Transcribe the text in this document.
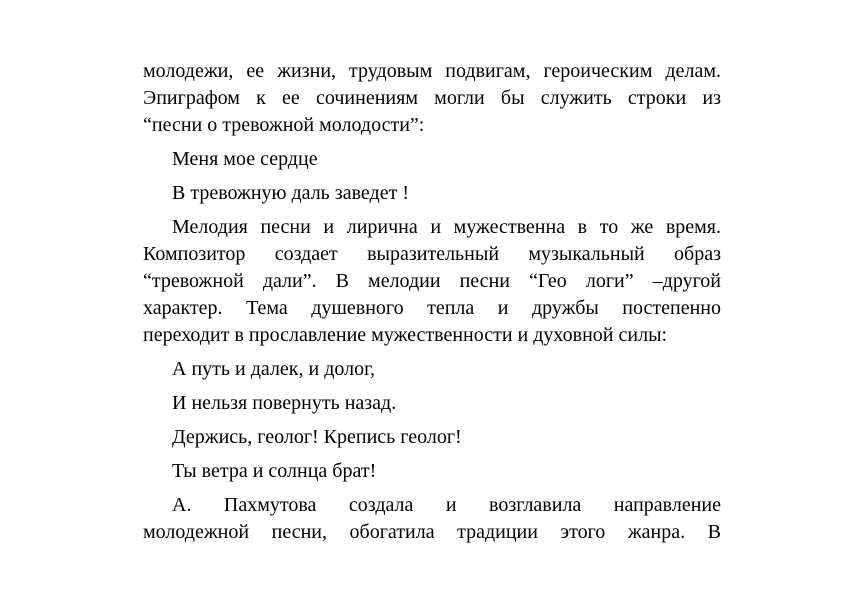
молодежи, ее жизни, трудовым подвигам, героическим делам.
Эпиграфом к ее сочинениям могли бы служить строки из
“песни о тревожной молодости”:
Меня мое сердце
В тревожную даль заведет !
Мелодия песни и лирична и мужественна в то же время.
Композитор создает выразительный музыкальный образ
“тревожной дали”. В мелодии песни “Гео логи” –другой
характер. Тема душевного тепла и дружбы постепенно
переходит в прославление мужественности и духовной силы:
А путь и далек, и долог,
И нельзя повернуть назад.
Держись, геолог! Крепись геолог!
Ты ветра и солнца брат!
А. Пахмутова создала и возглавила направление
молодежной песни, обогатила традиции этого жанра. В
